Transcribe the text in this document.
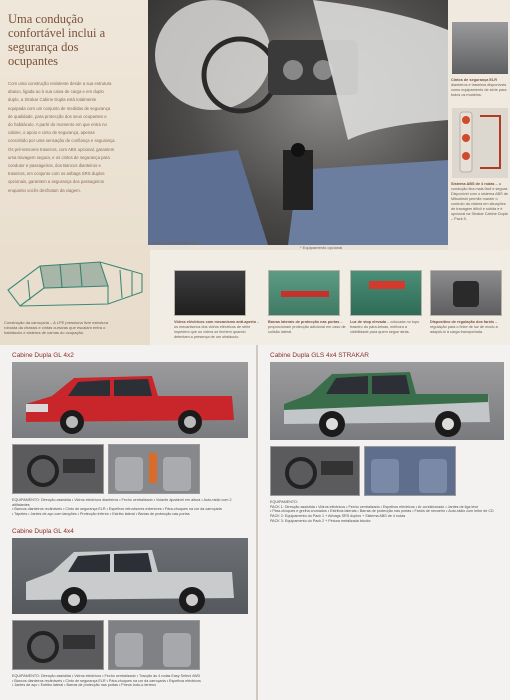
Uma condução
confortável inclui a
segurança dos
ocupantes
Com uma construção resistente desde a sua estrutura
abaixo, ligada ao à sua caixa de carga e em duplo
duplo, a Strakar Cabine Dupla está totalmente
equipada com um conjunto de medidas de segurança
de qualidade, para protecção dos seus ocupantes e
do habitáculo. A partir do momento em que entra no
cabine, o apoio e cinto de segurança, apenas
concebido por uma sensação de confiança e segurança.
Os pré-tensores traseiros, com ABS opcional, garantem
uma travagem segura, e os cintos de segurança para
condutor e passageiros, dos Bancos dianteiros e
traseiros, em conjunto com os airbags SRS duplos
opcionais, garantem a segurança dos passageiros
enquanto vocês desfrutam da viagem.
Construção da carroçaria – A LPE pressiona livre estrutura
robusta da chassis e cintas cursivas que escalam entra o
habitáculo e sistema de camas do ocupação.
Strakar Cabine Dupla 4x4
* Equipamento opcional
Cintos de segurança ELR dianteiros e traseiros disponíveis como equipamento de série para todos os modelos.
Sistema ABS de 4 rodas – a condução fica mais fácil e segura. Disponível com o sistema ABS de Mitsubishi permite manter o controlo da viatura em situações de travagem difícil e súbita e é opcional na Strakar Cabine Dupla – Pack 5.
Vidros eléctricos com mecanismo anti-aperto – os mecanismos dos vidros eléctricos de série impedem que os vidros se fechem quando detectam a presença de um obstáculo.
Barras laterais de protecção nas portas – proporcionam protecção adicional em caso de colisão lateral.
Luz de stop elevada – colocada no topo traseiro do pára-brisas, melhora a visibilidade para quem segue atrás.
Dispositivo de regulação dos faróis – regulação para o feixe de luz de modo a adaptá-lo à carga transportada.
Cabine Dupla GL 4x2
EQUIPAMENTO: Direcção assistida • Vidros eléctricos dianteiros • Fecho centralizado • Volante ajustável em altura • Auto-rádio com 2 altifalantes
• Bancos dianteiros reclináveis • Cinto de segurança ELR • Espelhos retrovisores exteriores • Pára-choques na cor da carroçaria
• Tapetes • Jantes de aço com tampões • Protecção inferior • Estribo lateral • Barras de protecção nas portas
Cabine Dupla GL 4x4
EQUIPAMENTO: Direcção assistida • Vidros eléctricos • Fecho centralizado • Tracção às 4 rodas Easy Select 4WD
• Bancos dianteiros reclináveis • Cinto de segurança ELR • Pára-choques na cor da carroçaria • Espelhos eléctricos
• Jantes de aço • Estribo lateral • Barras de protecção nas portas • Pneus todo-o-terreno
Cabine Dupla GLS 4x4 STRAKAR
EQUIPAMENTO:
PACK 1: Direcção assistida • Vidros eléctricos • Fecho centralizado • Espelhos eléctricos • Ar condicionado • Jantes de liga leve
• Pára-choques e grelha cromados • Estribos laterais • Barras de protecção nas portas • Faróis de nevoeiro • Auto-rádio com leitor de CD
PACK 2: Equipamento do Pack 1 + Airbags SRS duplos + Sistema ABS de 4 rodas
PACK 3: Equipamento do Pack 2 + Pintura metalizada bicolor
